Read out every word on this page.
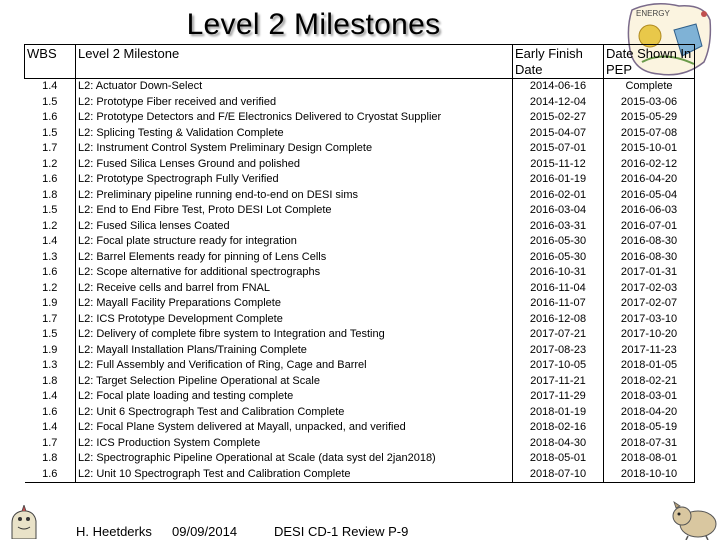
Level 2 Milestones	ENERGY
WBS	Level 2 Milestone	Early Finish Date	Date Shown In PEP
1.4	L2: Actuator Down-Select	2014-06-16	Complete
1.5	L2: Prototype Fiber received and verified	2014-12-04	2015-03-06
1.6	L2: Prototype Detectors and F/E Electronics Delivered to Cryostat Supplier	2015-02-27	2015-05-29
1.5	L2: Splicing Testing & Validation Complete	2015-04-07	2015-07-08
1.7	L2: Instrument Control System Preliminary Design Complete	2015-07-01	2015-10-01
1.2	L2: Fused Silica Lenses Ground and polished	2015-11-12	2016-02-12
1.6	L2: Prototype Spectrograph Fully Verified	2016-01-19	2016-04-20
1.8	L2: Preliminary pipeline running end-to-end on DESI sims	2016-02-01	2016-05-04
1.5	L2: End to End Fibre Test, Proto DESI Lot Complete	2016-03-04	2016-06-03
1.2	L2: Fused Silica lenses Coated	2016-03-31	2016-07-01
1.4	L2: Focal plate structure ready for integration	2016-05-30	2016-08-30
1.3	L2: Barrel Elements ready for pinning of Lens Cells	2016-05-30	2016-08-30
1.6	L2: Scope alternative for additional spectrographs	2016-10-31	2017-01-31
1.2	L2: Receive cells and barrel from FNAL	2016-11-04	2017-02-03
1.9	L2: Mayall Facility Preparations Complete	2016-11-07	2017-02-07
1.7	L2: ICS Prototype Development Complete	2016-12-08	2017-03-10
1.5	L2: Delivery of complete fibre system to Integration and Testing	2017-07-21	2017-10-20
1.9	L2: Mayall Installation Plans/Training Complete	2017-08-23	2017-11-23
1.3	L2: Full Assembly and Verification of Ring, Cage and Barrel	2017-10-05	2018-01-05
1.8	L2: Target Selection Pipeline Operational at Scale	2017-11-21	2018-02-21
1.4	L2: Focal plate loading and testing complete	2017-11-29	2018-03-01
1.6	L2: Unit 6 Spectrograph Test and Calibration Complete	2018-01-19	2018-04-20
1.4	L2: Focal Plane System delivered at Mayall, unpacked, and verified	2018-02-16	2018-05-19
1.7	L2: ICS Production System Complete	2018-04-30	2018-07-31
1.8	L2: Spectrographic Pipeline Operational at Scale (data syst del 2jan2018)	2018-05-01	2018-08-01
1.6	L2: Unit 10 Spectrograph Test and Calibration Complete	2018-07-10	2018-10-10
H. Heetderks 09/09/2014	DESI CD-1 Review P-9
